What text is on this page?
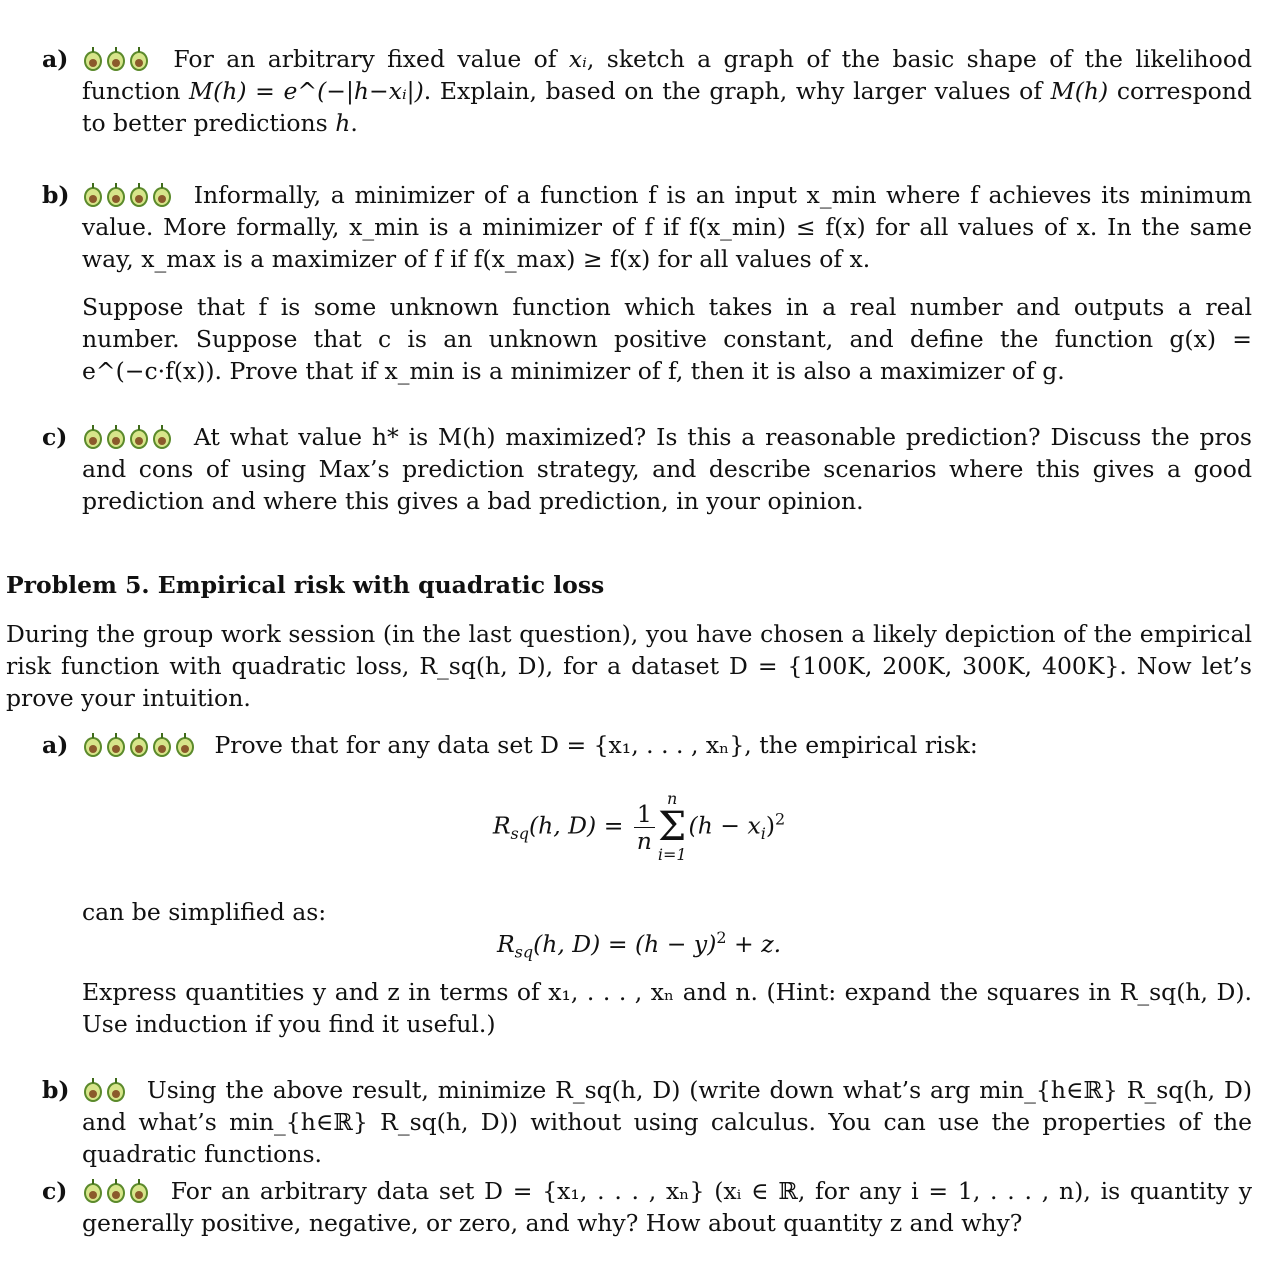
a)	For an arbitrary fixed value of xᵢ, sketch a graph of the basic shape of the likelihood function M(h) = e^(−|h−xᵢ|). Explain, based on the graph, why larger values of M(h) correspond to better predictions h.

b)	Informally, a minimizer of a function f is an input x_min where f achieves its minimum value. More formally, x_min is a minimizer of f if f(x_min) ≤ f(x) for all values of x. In the same way, x_max is a maximizer of f if f(x_max) ≥ f(x) for all values of x.

Suppose that f is some unknown function which takes in a real number and outputs a real number. Suppose that c is an unknown positive constant, and define the function g(x) = e^(−c·f(x)). Prove that if x_min is a minimizer of f, then it is also a maximizer of g.

c)	At what value h* is M(h) maximized? Is this a reasonable prediction? Discuss the pros and cons of using Max’s prediction strategy, and describe scenarios where this gives a good prediction and where this gives a bad prediction, in your opinion.

Problem 5. Empirical risk with quadratic loss

During the group work session (in the last question), you have chosen a likely depiction of the empirical risk function with quadratic loss, R_sq(h, D), for a dataset D = {100K, 200K, 300K, 400K}. Now let’s prove your intuition.

a)	Prove that for any data set D = {x₁, . . . , xₙ}, the empirical risk:

$R_{sq}(h$, $D) = \frac{1}{n}$
n
Σ
i=1
$(h - x_i)^2$

can be simplified as:

$R_{sq}(h$, $D) = (h - y)^2 + z$.

Express quantities y and z in terms of x₁, . . . , xₙ and n. (Hint: expand the squares in R_sq(h, D). Use induction if you find it useful.)

b)	Using the above result, minimize R_sq(h, D) (write down what’s arg min_{h∈ℝ} R_sq(h, D) and what’s min_{h∈ℝ} R_sq(h, D)) without using calculus. You can use the properties of the quadratic functions.

c)	For an arbitrary data set D = {x₁, . . . , xₙ} (xᵢ ∈ ℝ, for any i = 1, . . . , n), is quantity y generally positive, negative, or zero, and why? How about quantity z and why?
